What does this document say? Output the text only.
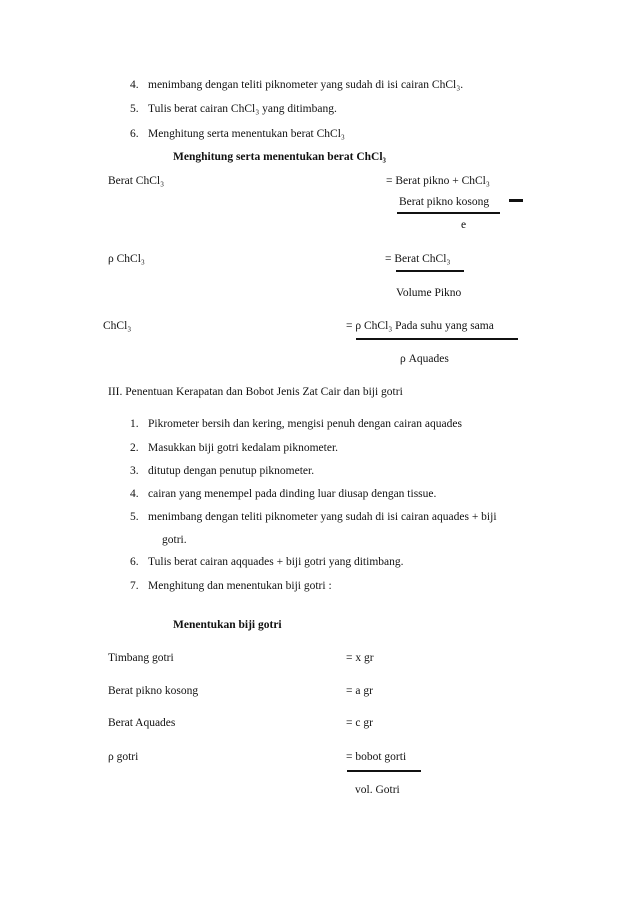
4. menimbang dengan teliti piknometer yang sudah di isi cairan ChCl₃.
5. Tulis berat cairan ChCl₃ yang ditimbang.
6. Menghitung serta menentukan berat ChCl₃
Menghitung serta menentukan berat ChCl₃
Berat ChCl₃	= Berat pikno + ChCl₃
Berat pikno kosong
e
ρ ChCl₃	= Berat ChCl₃
Volume Pikno
ChCl₃	= ρ ChCl₃ Pada suhu yang sama
ρ Aquades
III. Penentuan Kerapatan dan Bobot Jenis Zat Cair dan biji gotri
1. Pikrometer bersih dan kering, mengisi penuh dengan cairan aquades
2. Masukkan biji gotri kedalam piknometer.
3. ditutup dengan penutup piknometer.
4. cairan yang menempel pada dinding luar diusap dengan tissue.
5. menimbang dengan teliti piknometer yang sudah di isi cairan aquades + biji
gotri.
6. Tulis berat cairan aqquades + biji gotri yang ditimbang.
7. Menghitung dan menentukan biji gotri :
Menentukan biji gotri
Timbang gotri	= x gr
Berat pikno kosong	= a gr
Berat Aquades	= c gr
ρ gotri	= bobot gorti
vol. Gotri
